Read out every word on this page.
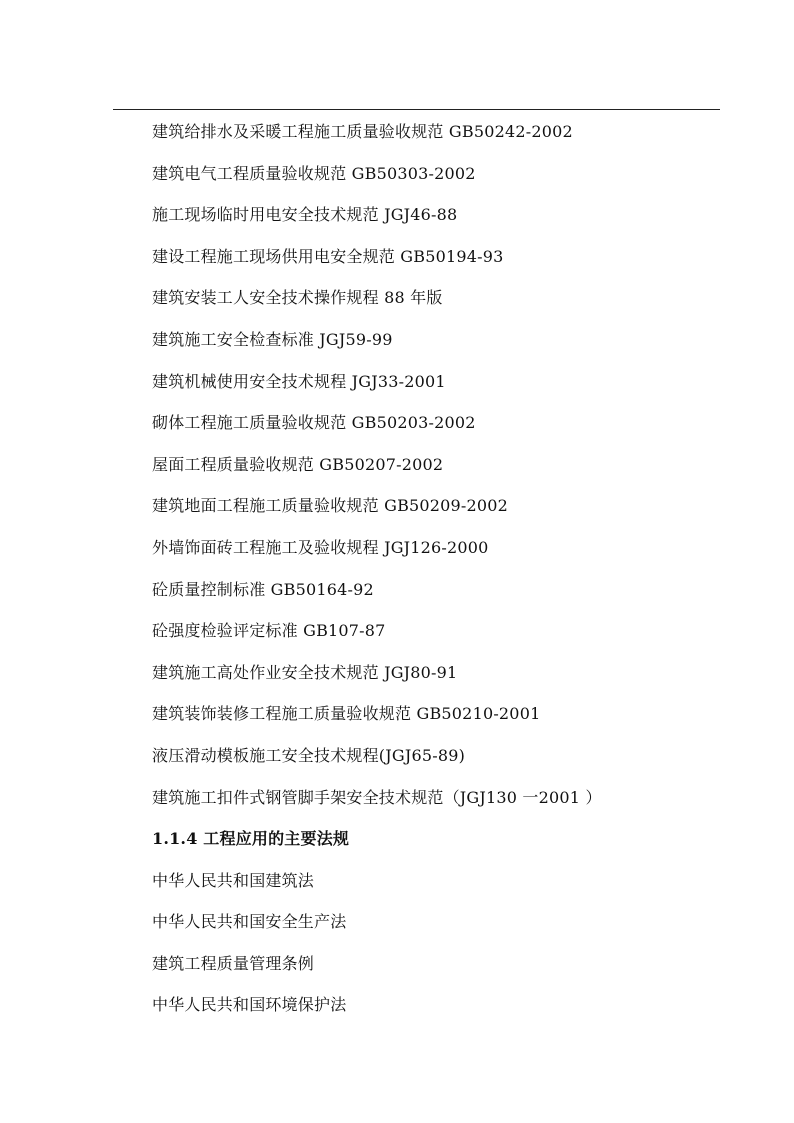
建筑给排水及采暖工程施工质量验收规范 GB50242-2002
建筑电气工程质量验收规范 GB50303-2002
施工现场临时用电安全技术规范 JGJ46-88
建设工程施工现场供用电安全规范 GB50194-93
建筑安装工人安全技术操作规程 88 年版
建筑施工安全检查标准 JGJ59-99
建筑机械使用安全技术规程 JGJ33-2001
砌体工程施工质量验收规范 GB50203-2002
屋面工程质量验收规范 GB50207-2002
建筑地面工程施工质量验收规范 GB50209-2002
外墙饰面砖工程施工及验收规程 JGJ126-2000
砼质量控制标准 GB50164-92
砼强度检验评定标准 GB107-87
建筑施工高处作业安全技术规范 JGJ80-91
建筑装饰装修工程施工质量验收规范 GB50210-2001
液压滑动模板施工安全技术规程(JGJ65-89)
建筑施工扣件式钢管脚手架安全技术规范（JGJ130 一2001 ）
1.1.4 工程应用的主要法规
中华人民共和国建筑法
中华人民共和国安全生产法
建筑工程质量管理条例
中华人民共和国环境保护法
